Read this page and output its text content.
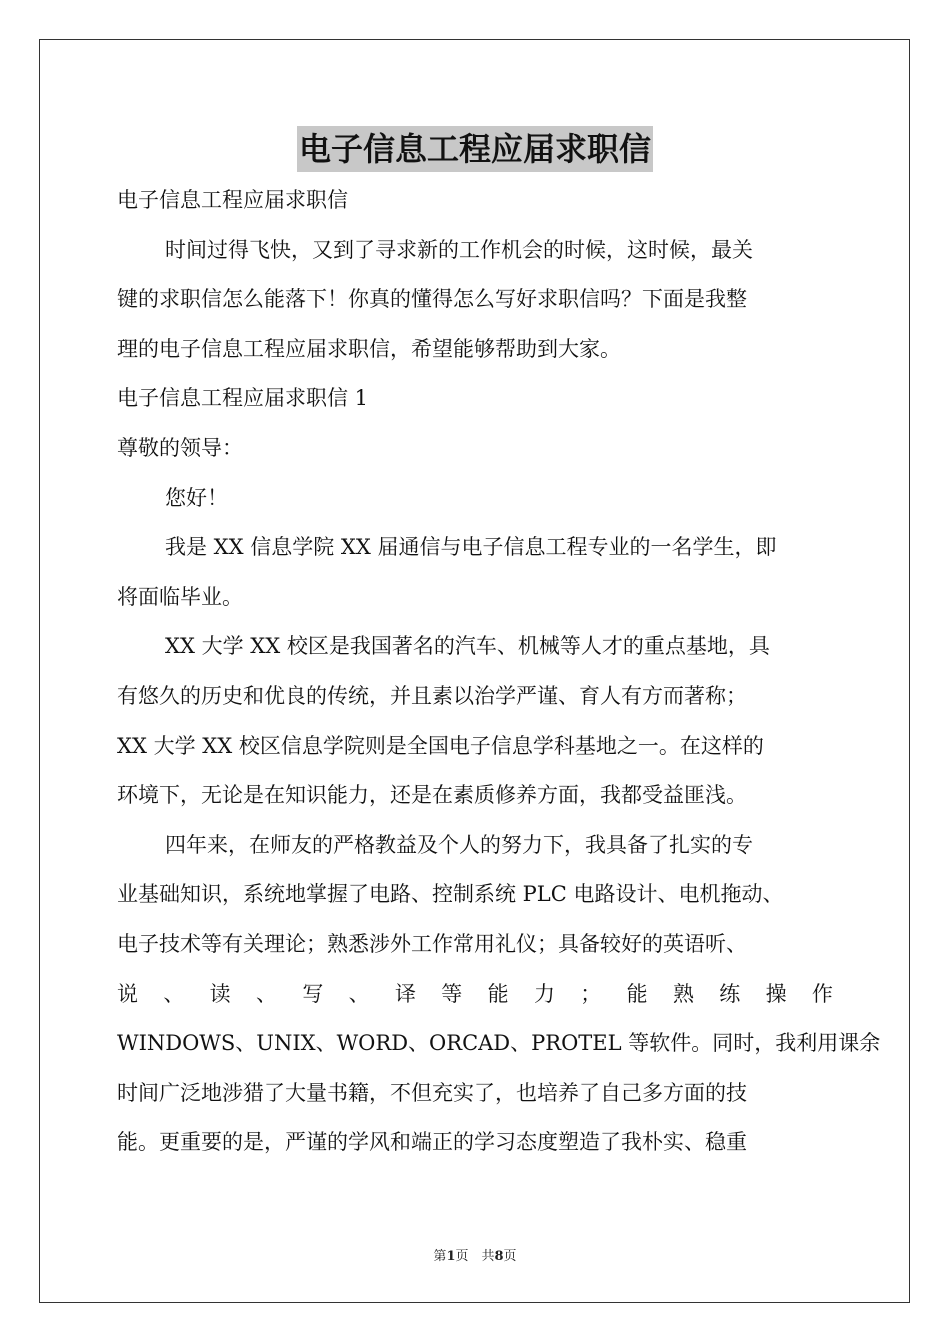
电子信息工程应届求职信
电子信息工程应届求职信
时间过得飞快，又到了寻求新的工作机会的时候，这时候，最关
键的求职信怎么能落下！你真的懂得怎么写好求职信吗？下面是我整
理的电子信息工程应届求职信，希望能够帮助到大家。
电子信息工程应届求职信 1
尊敬的领导：
您好！
我是 XX 信息学院 XX 届通信与电子信息工程专业的一名学生，即
将面临毕业。
XX 大学 XX 校区是我国著名的汽车、机械等人才的重点基地，具
有悠久的历史和优良的传统，并且素以治学严谨、育人有方而著称；
XX 大学 XX 校区信息学院则是全国电子信息学科基地之一。在这样的
环境下，无论是在知识能力，还是在素质修养方面，我都受益匪浅。
四年来，在师友的严格教益及个人的努力下，我具备了扎实的专
业基础知识，系统地掌握了电路、控制系统 PLC 电路设计、电机拖动、
电子技术等有关理论；熟悉涉外工作常用礼仪；具备较好的英语听、
说 、 读 、 写 、 译 等 能 力 ； 能 熟 练 操 作
WINDOWS、UNIX、WORD、ORCAD、PROTEL 等软件。同时，我利用课余
时间广泛地涉猎了大量书籍，不但充实了，也培养了自己多方面的技
能。更重要的是，严谨的学风和端正的学习态度塑造了我朴实、稳重
第1页　共8页
